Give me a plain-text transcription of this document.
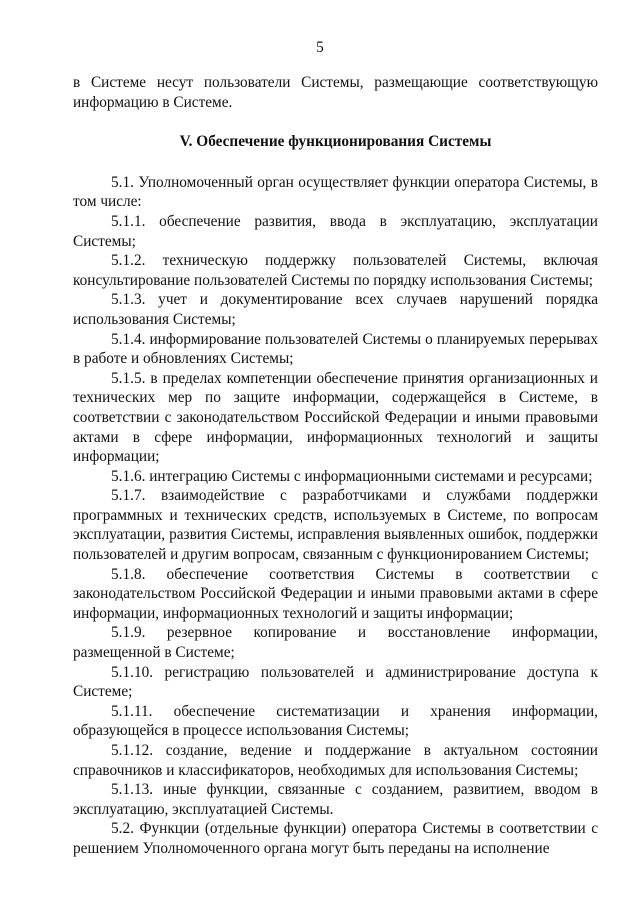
5

в Системе несут пользователи Системы, размещающие соответствующую информацию в Системе.

V. Обеспечение функционирования Системы

5.1. Уполномоченный орган осуществляет функции оператора Системы, в том числе:

5.1.1. обеспечение развития, ввода в эксплуатацию, эксплуатации Системы;

5.1.2. техническую поддержку пользователей Системы, включая консультирование пользователей Системы по порядку использования Системы;

5.1.3. учет и документирование всех случаев нарушений порядка использования Системы;

5.1.4. информирование пользователей Системы о планируемых перерывах в работе и обновлениях Системы;

5.1.5. в пределах компетенции обеспечение принятия организационных и технических мер по защите информации, содержащейся в Системе, в соответствии с законодательством Российской Федерации и иными правовыми актами в сфере информации, информационных технологий и защиты информации;

5.1.6. интеграцию Системы с информационными системами и ресурсами;

5.1.7. взаимодействие с разработчиками и службами поддержки программных и технических средств, используемых в Системе, по вопросам эксплуатации, развития Системы, исправления выявленных ошибок, поддержки пользователей и другим вопросам, связанным с функционированием Системы;

5.1.8. обеспечение соответствия Системы в соответствии с законодательством Российской Федерации и иными правовыми актами в сфере информации, информационных технологий и защиты информации;

5.1.9. резервное копирование и восстановление информации, размещенной в Системе;

5.1.10. регистрацию пользователей и администрирование доступа к Системе;

5.1.11. обеспечение систематизации и хранения информации, образующейся в процессе использования Системы;

5.1.12. создание, ведение и поддержание в актуальном состоянии справочников и классификаторов, необходимых для использования Системы;

5.1.13. иные функции, связанные с созданием, развитием, вводом в эксплуатацию, эксплуатацией Системы.

5.2. Функции (отдельные функции) оператора Системы в соответствии с решением Уполномоченного органа могут быть переданы на исполнение
